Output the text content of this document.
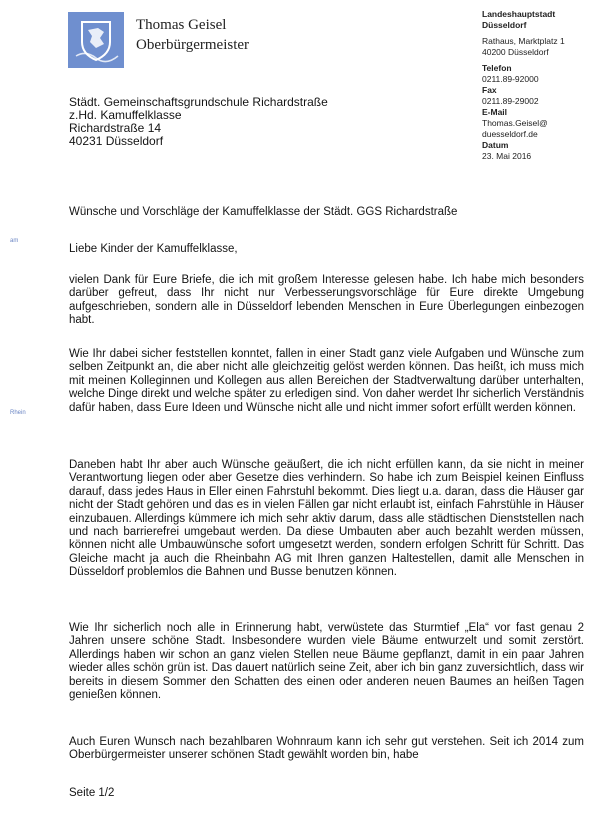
Thomas Geisel
Oberbürgermeister
Landeshauptstadt
Düsseldorf
Rathaus, Marktplatz 1
40200 Düsseldorf
Telefon
0211.89-92000
Fax
0211.89-29002
E-Mail
Thomas.Geisel@
duesseldorf.de
Datum
23. Mai 2016
Städt. Gemeinschaftsgrundschule Richardstraße
z.Hd. Kamuffelklasse
Richardstraße 14
40231 Düsseldorf
am
Rhein
Wünsche und Vorschläge der Kamuffelklasse der Städt. GGS Richardstraße
Liebe Kinder der Kamuffelklasse,

vielen Dank für Eure Briefe, die ich mit großem Interesse gelesen habe. Ich habe mich besonders darüber gefreut, dass Ihr nicht nur Verbesserungsvorschläge für Eure direkte Umgebung aufgeschrieben, sondern alle in Düsseldorf lebenden Menschen in Eure Überlegungen einbezogen habt.

Wie Ihr dabei sicher feststellen konntet, fallen in einer Stadt ganz viele Aufgaben und Wünsche zum selben Zeitpunkt an, die aber nicht alle gleichzeitig gelöst werden können. Das heißt, ich muss mich mit meinen Kolleginnen und Kollegen aus allen Bereichen der Stadtverwaltung darüber unterhalten, welche Dinge direkt und welche später zu erledigen sind. Von daher werdet Ihr sicherlich Verständnis dafür haben, dass Eure Ideen und Wünsche nicht alle und nicht immer sofort erfüllt werden können.

Daneben habt Ihr aber auch Wünsche geäußert, die ich nicht erfüllen kann, da sie nicht in meiner Verantwortung liegen oder aber Gesetze dies verhindern. So habe ich zum Beispiel keinen Einfluss darauf, dass jedes Haus in Eller einen Fahrstuhl bekommt. Dies liegt u.a. daran, dass die Häuser gar nicht der Stadt gehören und das es in vielen Fällen gar nicht erlaubt ist, einfach Fahrstühle in Häuser einzubauen. Allerdings kümmere ich mich sehr aktiv darum, dass alle städtischen Dienststellen nach und nach barrierefrei umgebaut werden. Da diese Umbauten aber auch bezahlt werden müssen, können nicht alle Umbauwünsche sofort umgesetzt werden, sondern erfolgen Schritt für Schritt. Das Gleiche macht ja auch die Rheinbahn AG mit Ihren ganzen Haltestellen, damit alle Menschen in Düsseldorf problemlos die Bahnen und Busse benutzen können.

Wie Ihr sicherlich noch alle in Erinnerung habt, verwüstete das Sturmtief „Ela“ vor fast genau 2 Jahren unsere schöne Stadt. Insbesondere wurden viele Bäume entwurzelt und somit zerstört. Allerdings haben wir schon an ganz vielen Stellen neue Bäume gepflanzt, damit in ein paar Jahren wieder alles schön grün ist. Das dauert natürlich seine Zeit, aber ich bin ganz zuversichtlich, dass wir bereits in diesem Sommer den Schatten des einen oder anderen neuen Baumes an heißen Tagen genießen können.

Auch Euren Wunsch nach bezahlbaren Wohnraum kann ich sehr gut verstehen. Seit ich 2014 zum Oberbürgermeister unserer schönen Stadt gewählt worden bin, habe

Seite 1/2
